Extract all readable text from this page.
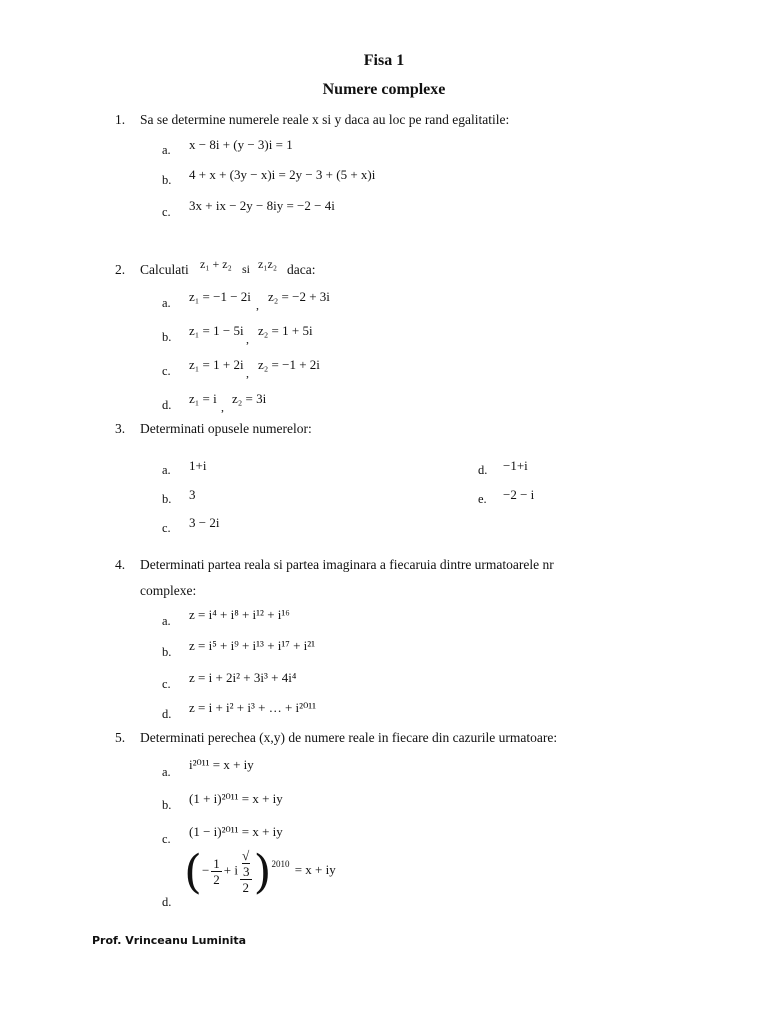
Fisa 1
Numere complexe
1. Sa se determine numerele reale x si y daca au loc pe rand egalitatile:
a. x − 8i + (y − 3)i = 1
b. 4 + x + (3y − x)i = 2y − 3 + (5 + x)i
c. 3x + ix − 2y − 8iy = −2 − 4i
2. Calculati z₁ + z₂ si z₁z₂ daca:
a. z₁ = −1 − 2i
,
z₂ = −2 + 3i
b. z₁ = 1 − 5i
,
z₂ = 1 + 5i
c. z₁ = 1 + 2i
,
z₂ = −1 + 2i
d. z₁ = i
,
z₂ = 3i
3. Determinati opusele numerelor:
a. 1+i
b. 3
c. 3 − 2i
d. −1+i
e. −2 − i
4. Determinati partea reala si partea imaginara a fiecaruia dintre urmatoarele nr
complexe:
a. z = i⁴ + i⁸ + i¹² + i¹⁶
b. z = i⁵ + i⁹ + i¹³ + i¹⁷ + i²¹
c. z = i + 2i² + 3i³ + 4i⁴
d. z = i + i² + i³ + … + i²⁰¹¹
5. Determinati perechea (x,y) de numere reale in fiecare din cazurile urmatoare:
a. i²⁰¹¹ = x + iy
b. (1 + i)²⁰¹¹ = x + iy
c. (1 − i)²⁰¹¹ = x + iy
d.
(− $\frac{1}{2} + i$ √
3
2 )$^{2010}$ = x + iy
Prof. Vrinceanu Luminita
